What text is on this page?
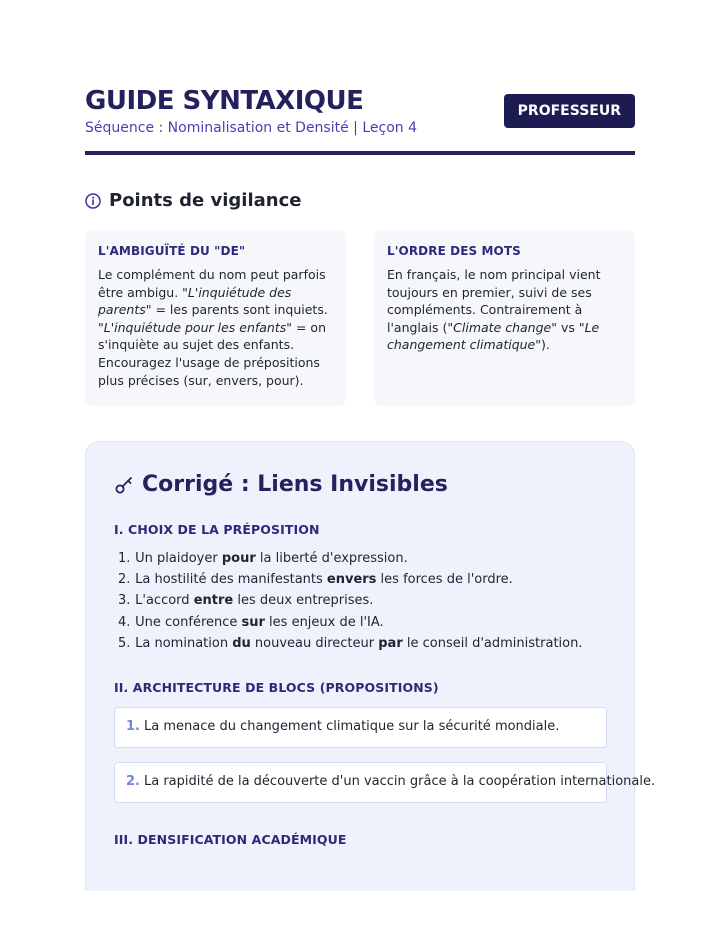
GUIDE SYNTAXIQUE
Séquence : Nominalisation et Densité | Leçon 4
PROFESSEUR
Points de vigilance
L'AMBIGUÏTÉ DU "DE"
Le complément du nom peut parfois être ambigu. "L'inquiétude des parents" = les parents sont inquiets.
"L'inquiétude pour les enfants" = on s'inquiète au sujet des enfants.
Encouragez l'usage de prépositions plus précises (sur, envers, pour).
L'ORDRE DES MOTS
En français, le nom principal vient toujours en premier, suivi de ses compléments. Contrairement à l'anglais ("Climate change" vs "Le changement climatique").
Corrigé : Liens Invisibles
I. CHOIX DE LA PRÉPOSITION
1. Un plaidoyer pour la liberté d'expression.
2. La hostilité des manifestants envers les forces de l'ordre.
3. L'accord entre les deux entreprises.
4. Une conférence sur les enjeux de l'IA.
5. La nomination du nouveau directeur par le conseil d'administration.
II. ARCHITECTURE DE BLOCS (PROPOSITIONS)
1. La menace du changement climatique sur la sécurité mondiale.
2. La rapidité de la découverte d'un vaccin grâce à la coopération internationale.
III. DENSIFICATION ACADÉMIQUE
